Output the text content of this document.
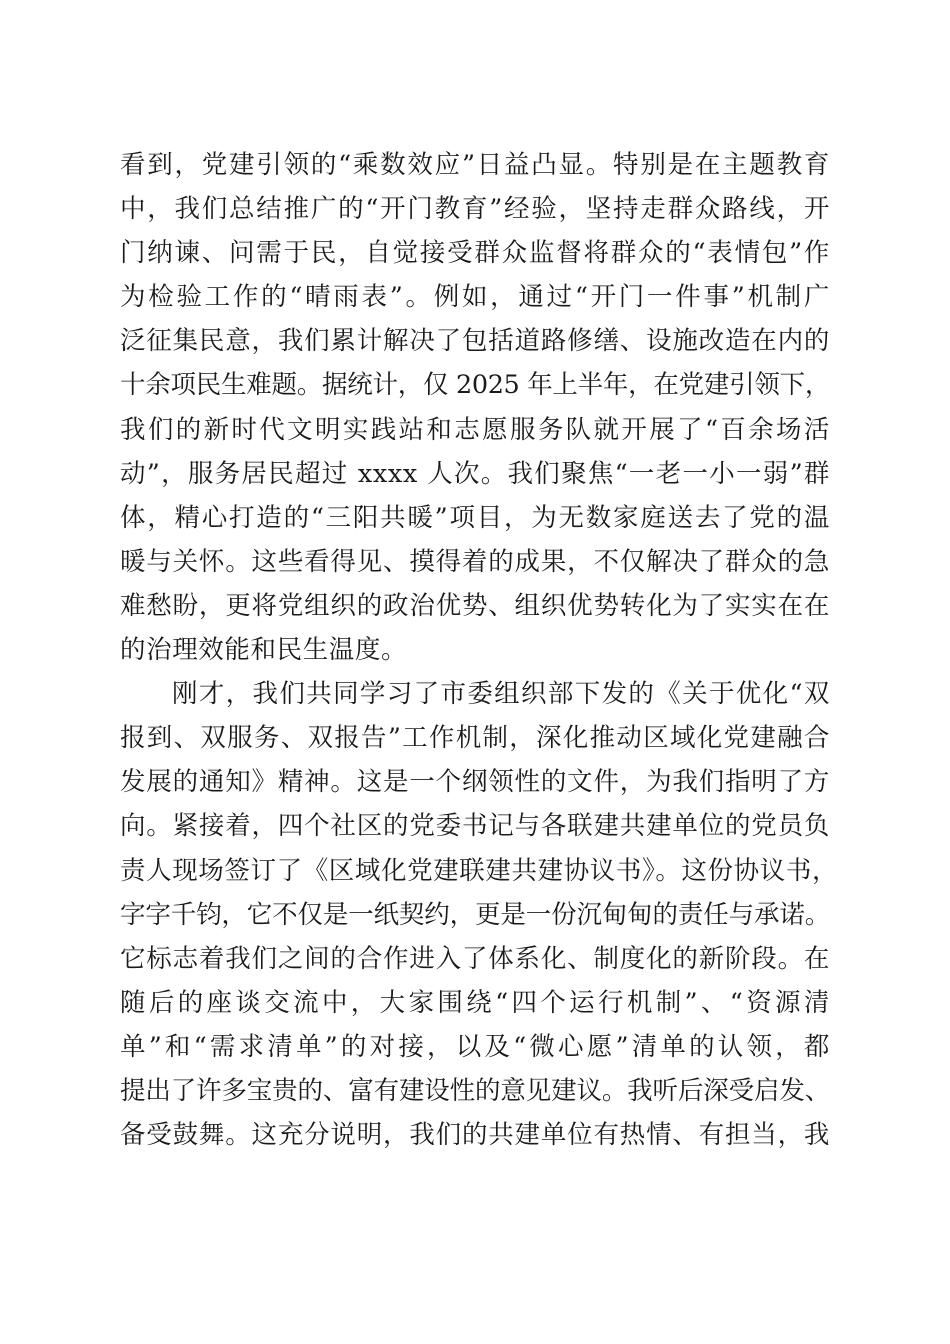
看到，党建引领的“乘数效应”日益凸显。特别是在主题教育
中，我们总结推广的“开门教育”经验，坚持走群众路线，开
门纳谏、问需于民，自觉接受群众监督将群众的“表情包”作
为检验工作的“晴雨表”。例如，通过“开门一件事”机制广
泛征集民意，我们累计解决了包括道路修缮、设施改造在内的
十余项民生难题。据统计，仅 2025 年上半年，在党建引领下，
我们的新时代文明实践站和志愿服务队就开展了“百余场活
动”，服务居民超过 xxxx 人次。我们聚焦“一老一小一弱”群
体，精心打造的“三阳共暖”项目，为无数家庭送去了党的温
暖与关怀。这些看得见、摸得着的成果，不仅解决了群众的急
难愁盼，更将党组织的政治优势、组织优势转化为了实实在在
的治理效能和民生温度。
刚才，我们共同学习了市委组织部下发的《关于优化“双
报到、双服务、双报告”工作机制，深化推动区域化党建融合
发展的通知》精神。这是一个纲领性的文件，为我们指明了方
向。紧接着，四个社区的党委书记与各联建共建单位的党员负
责人现场签订了《区域化党建联建共建协议书》。这份协议书，
字字千钧，它不仅是一纸契约，更是一份沉甸甸的责任与承诺。
它标志着我们之间的合作进入了体系化、制度化的新阶段。在
随后的座谈交流中，大家围绕“四个运行机制”、“资源清
单”和“需求清单”的对接，以及“微心愿”清单的认领，都
提出了许多宝贵的、富有建设性的意见建议。我听后深受启发、
备受鼓舞。这充分说明，我们的共建单位有热情、有担当，我
